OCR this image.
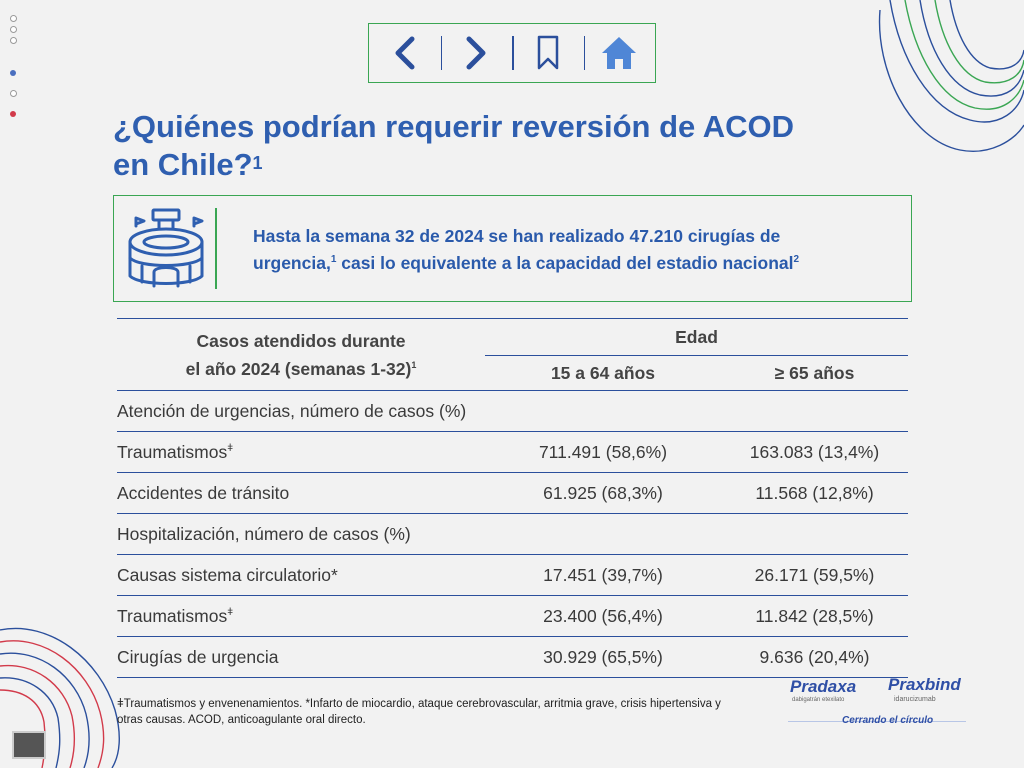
¿Quiénes podrían requerir reversión de ACOD
en Chile?$^1$
Hasta la semana 32 de 2024 se han realizado 47.210 cirugías de
urgencia,$^1$ casi lo equivalente a la capacidad del estadio nacional$^2$
Casos atendidos durante
el año 2024 (semanas 1-32)$^1$	Edad	
	15 a 64 años	≥ 65 años
Atención de urgencias, número de casos (%)		
Traumatismos$^ǂ$	711.491 (58,6%)	163.083 (13,4%)
Accidentes de tránsito	61.925 (68,3%)	11.568 (12,8%)
Hospitalización, número de casos (%)		
Causas sistema circulatorio*	17.451 (39,7%)	26.171 (59,5%)
Traumatismos$^ǂ$	23.400 (56,4%)	11.842 (28,5%)
Cirugías de urgencia	30.929 (65,5%)	9.636 (20,4%)
ǂTraumatismos y envenenamientos. *Infarto de miocardio, ataque cerebrovascular, arritmia grave, crisis hipertensiva y otras causas. ACOD, anticoagulante oral directo.
Pradaxa
dabigatrán etexilato
Praxbind
idarucizumab
Cerrando el círculo
